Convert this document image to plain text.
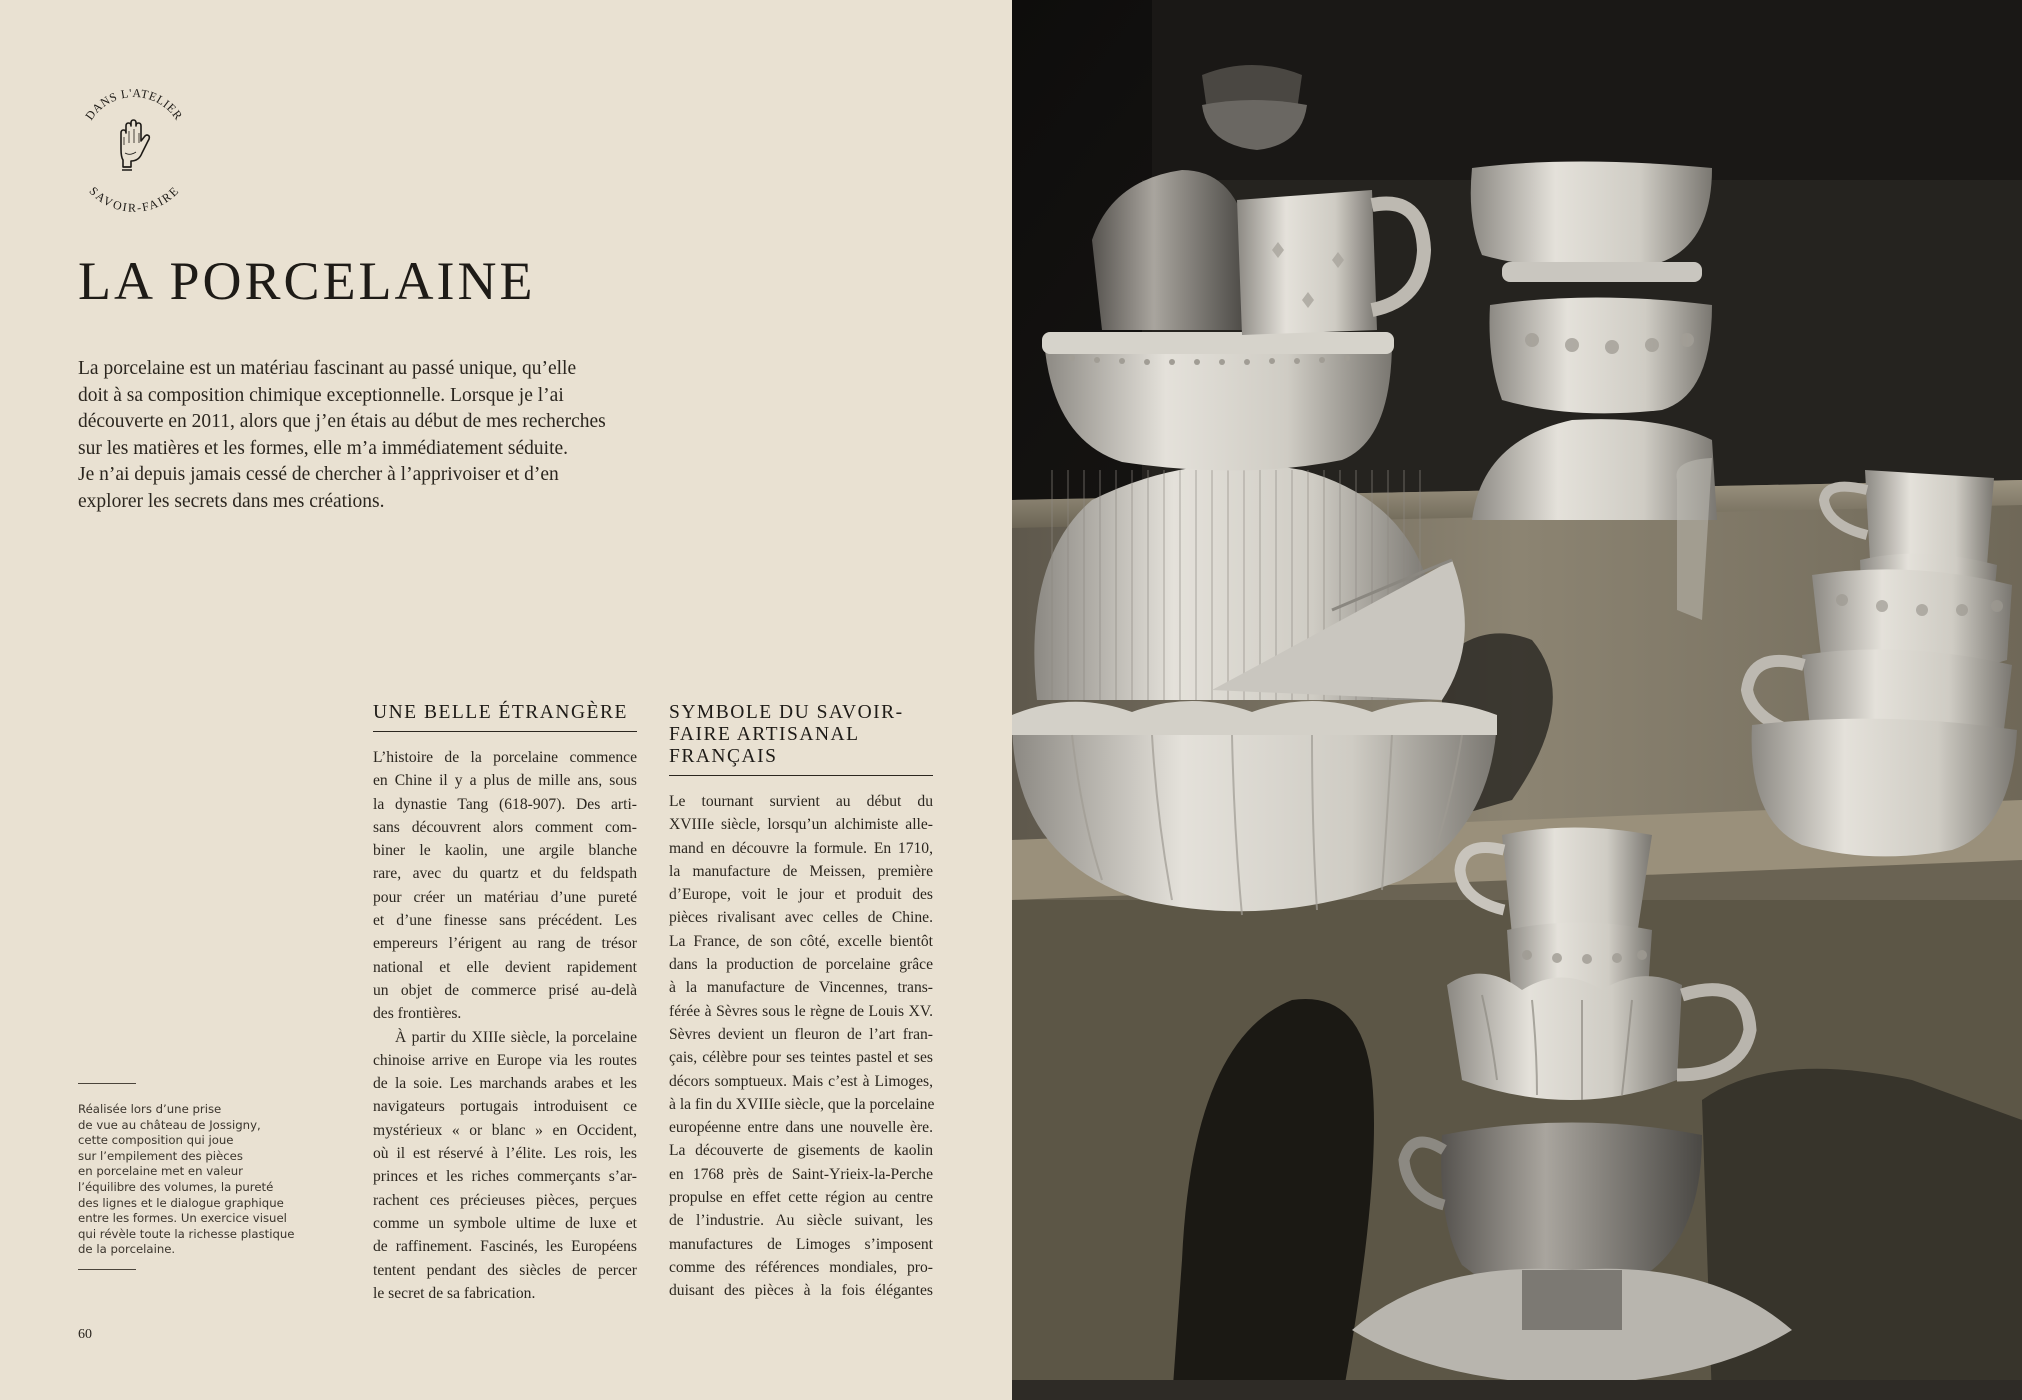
DANS L'ATELIER
SAVOIR-FAIRE
LA PORCELAINE

La porcelaine est un matériau fascinant au passé unique, qu’elle
doit à sa composition chimique exceptionnelle. Lorsque je l’ai
découverte en 2011, alors que j’en étais au début de mes recherches
sur les matières et les formes, elle m’a immédiatement séduite.
Je n’ai depuis jamais cessé de chercher à l’apprivoiser et d’en
explorer les secrets dans mes créations.

UNE BELLE ÉTRANGÈRE
L’histoire de la porcelaine commence
en Chine il y a plus de mille ans, sous
la dynastie Tang (618-907). Des arti-
sans découvrent alors comment com-
biner le kaolin, une argile blanche
rare, avec du quartz et du feldspath
pour créer un matériau d’une pureté
et d’une finesse sans précédent. Les
empereurs l’érigent au rang de trésor
national et elle devient rapidement
un objet de commerce prisé au-delà
des frontières.
À partir du XIIIe siècle, la porcelaine
chinoise arrive en Europe via les routes
de la soie. Les marchands arabes et les
navigateurs portugais introduisent ce
mystérieux « or blanc » en Occident,
où il est réservé à l’élite. Les rois, les
princes et les riches commerçants s’ar-
rachent ces précieuses pièces, perçues
comme un symbole ultime de luxe et
de raffinement. Fascinés, les Européens
tentent pendant des siècles de percer
le secret de sa fabrication.
SYMBOLE DU SAVOIR-
FAIRE ARTISANAL
FRANÇAIS
Le tournant survient au début du
XVIIIe siècle, lorsqu’un alchimiste alle-
mand en découvre la formule. En 1710,
la manufacture de Meissen, première
d’Europe, voit le jour et produit des
pièces rivalisant avec celles de Chine.
La France, de son côté, excelle bientôt
dans la production de porcelaine grâce
à la manufacture de Vincennes, trans-
férée à Sèvres sous le règne de Louis XV.
Sèvres devient un fleuron de l’art fran-
çais, célèbre pour ses teintes pastel et ses
décors somptueux. Mais c’est à Limoges,
à la fin du XVIIIe siècle, que la porcelaine
européenne entre dans une nouvelle ère.
La découverte de gisements de kaolin
en 1768 près de Saint-Yrieix-la-Perche
propulse en effet cette région au centre
de l’industrie. Au siècle suivant, les
manufactures de Limoges s’imposent
comme des références mondiales, pro-
duisant des pièces à la fois élégantes

Réalisée lors d’une prise
de vue au château de Jossigny,
cette composition qui joue
sur l’empilement des pièces
en porcelaine met en valeur
l’équilibre des volumes, la pureté
des lignes et le dialogue graphique
entre les formes. Un exercice visuel
qui révèle toute la richesse plastique
de la porcelaine.

60
